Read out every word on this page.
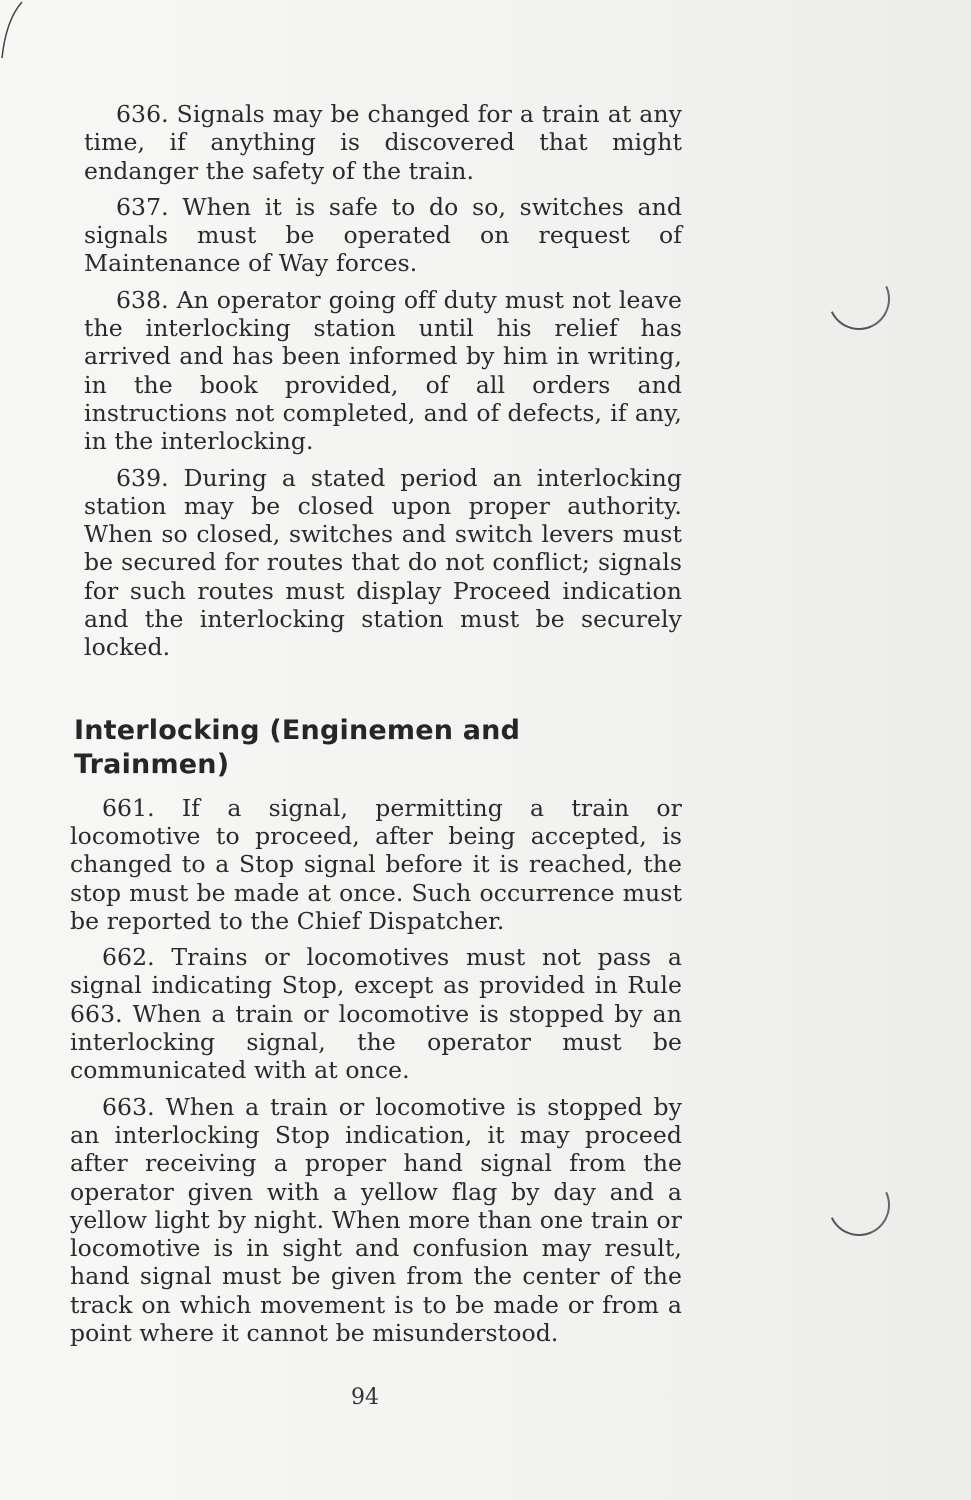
636. Signals may be changed for a train at any time, if anything is discovered that might endanger the safety of the train.

637. When it is safe to do so, switches and signals must be operated on request of Maintenance of Way forces.

638. An operator going off duty must not leave the interlocking station until his relief has arrived and has been informed by him in writing, in the book provided, of all orders and instructions not completed, and of defects, if any, in the interlocking.

639. During a stated period an interlocking station may be closed upon proper authority. When so closed, switches and switch levers must be secured for routes that do not conflict; signals for such routes must display Proceed indication and the interlocking station must be securely locked.

Interlocking (Enginemen and Trainmen)

661. If a signal, permitting a train or locomotive to proceed, after being accepted, is changed to a Stop signal before it is reached, the stop must be made at once. Such occurrence must be reported to the Chief Dispatcher.

662. Trains or locomotives must not pass a signal indicating Stop, except as provided in Rule 663. When a train or locomotive is stopped by an interlocking signal, the operator must be communicated with at once.

663. When a train or locomotive is stopped by an interlocking Stop indication, it may proceed after receiving a proper hand signal from the operator given with a yellow flag by day and a yellow light by night. When more than one train or locomotive is in sight and confusion may result, hand signal must be given from the center of the track on which movement is to be made or from a point where it cannot be misunderstood.

94
